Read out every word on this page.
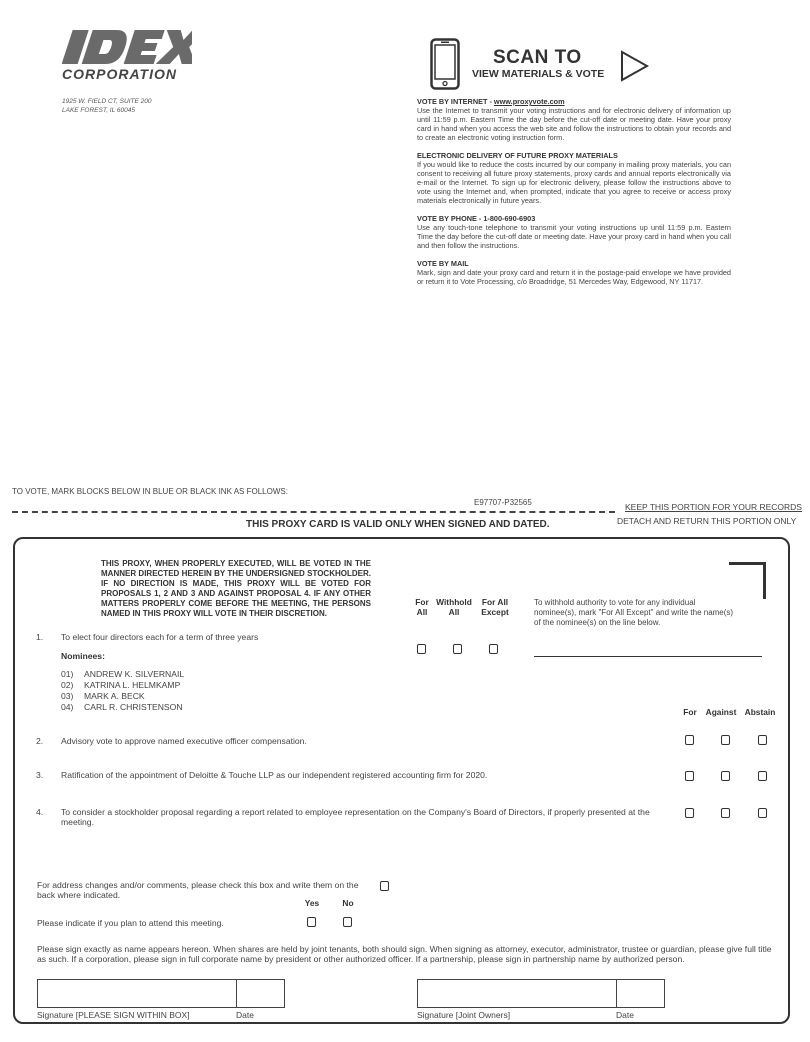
CORPORATION
1925 W. FIELD CT, SUITE 200
LAKE FOREST, IL 60045
SCAN TO
VIEW MATERIALS & VOTE
VOTE BY INTERNET - www.proxyvote.com

Use the Internet to transmit your voting instructions and for electronic delivery of information up until 11:59 p.m. Eastern Time the day before the cut-off date or meeting date. Have your proxy card in hand when you access the web site and follow the instructions to obtain your records and to create an electronic voting instruction form.

ELECTRONIC DELIVERY OF FUTURE PROXY MATERIALS

If you would like to reduce the costs incurred by our company in mailing proxy materials, you can consent to receiving all future proxy statements, proxy cards and annual reports electronically via e-mail or the Internet. To sign up for electronic delivery, please follow the instructions above to vote using the Internet and, when prompted, indicate that you agree to receive or access proxy materials electronically in future years.

VOTE BY PHONE - 1-800-690-6903

Use any touch-tone telephone to transmit your voting instructions up until 11:59 p.m. Eastern Time the day before the cut-off date or meeting date. Have your proxy card in hand when you call and then follow the instructions.

VOTE BY MAIL

Mark, sign and date your proxy card and return it in the postage-paid envelope we have provided or return it to Vote Processing, c/o Broadridge, 51 Mercedes Way, Edgewood, NY 11717.

TO VOTE, MARK BLOCKS BELOW IN BLUE OR BLACK INK AS FOLLOWS:
E97707-P32565	KEEP THIS PORTION FOR YOUR RECORDS
DETACH AND RETURN THIS PORTION ONLY
THIS PROXY CARD IS VALID ONLY WHEN SIGNED AND DATED.
THIS PROXY, WHEN PROPERLY EXECUTED, WILL BE VOTED IN THE MANNER DIRECTED HEREIN BY THE UNDERSIGNED STOCKHOLDER. IF NO DIRECTION IS MADE, THIS PROXY WILL BE VOTED FOR PROPOSALS 1, 2 AND 3 AND AGAINST PROPOSAL 4. IF ANY OTHER MATTERS PROPERLY COME BEFORE THE MEETING, THE PERSONS NAMED IN THIS PROXY WILL VOTE IN THEIR DISCRETION.
For
All
Withhold
All
For All
Except
To withhold authority to vote for any individual nominee(s), mark "For All Except" and write the name(s) of the nominee(s) on the line below.
1. To elect four directors each for a term of three years
Nominees:
01) ANDREW K. SILVERNAIL
02) KATRINA L. HELMKAMP
03) MARK A. BECK
04) CARL R. CHRISTENSON	For	Against Abstain
2. Advisory vote to approve named executive officer compensation.
3. Ratification of the appointment of Deloitte & Touche LLP as our independent registered accounting firm for 2020.
4. To consider a stockholder proposal regarding a report related to employee representation on the Company's Board of Directors, if properly presented at the meeting.
For address changes and/or comments, please check this box and write them on the back where indicated.
Yes	No
Please indicate if you plan to attend this meeting.
Please sign exactly as name appears hereon. When shares are held by joint tenants, both should sign. When signing as attorney, executor, administrator, trustee or guardian, please give full title as such. If a corporation, please sign in full corporate name by president or other authorized officer. If a partnership, please sign in partnership name by authorized person.
Signature [PLEASE SIGN WITHIN BOX]	Date	Signature [Joint Owners]	Date
